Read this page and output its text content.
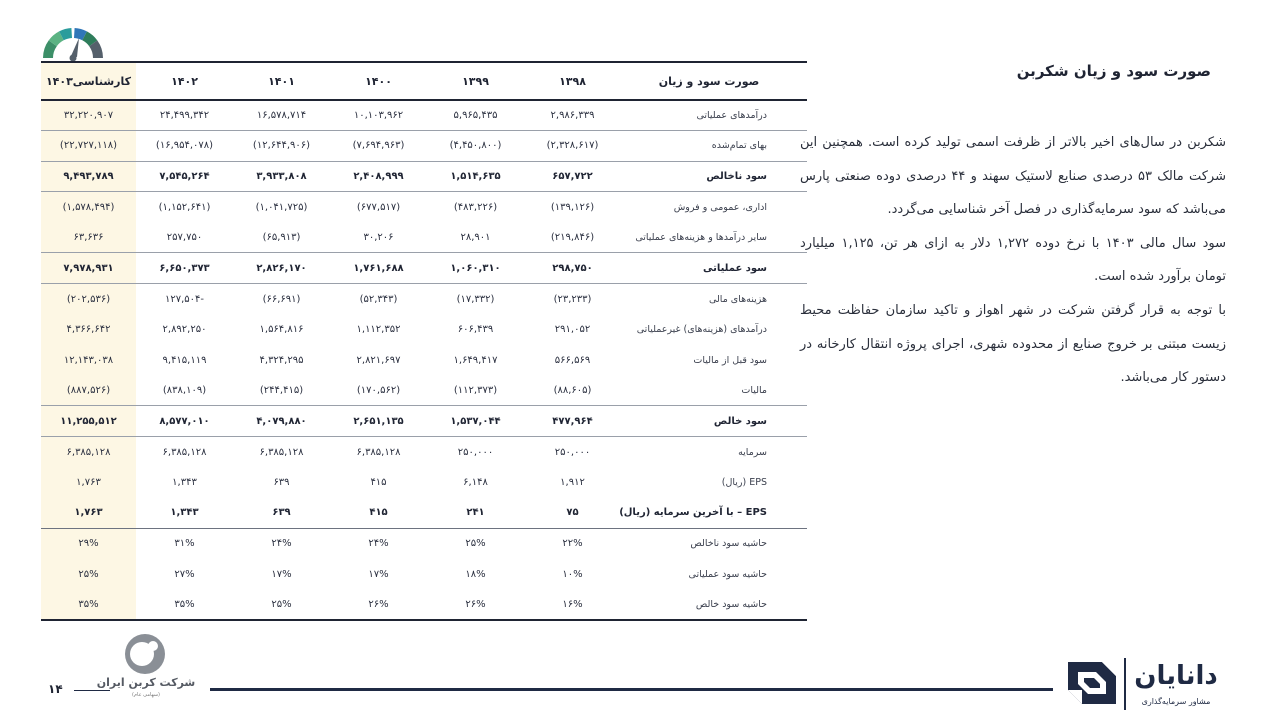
صورت سود و زیان	۱۳۹۸	۱۳۹۹	۱۴۰۰	۱۴۰۱	۱۴۰۲	کارشناسی۱۴۰۳
درآمدهای عملیاتی	۲,۹۸۶,۳۳۹	۵,۹۶۵,۴۳۵	۱۰,۱۰۳,۹۶۲	۱۶,۵۷۸,۷۱۴	۲۴,۴۹۹,۳۴۲	۳۲,۲۲۰,۹۰۷
بهای تمام‌شده	(۲,۳۲۸,۶۱۷)	(۴,۴۵۰,۸۰۰)	(۷,۶۹۴,۹۶۳)	(۱۲,۶۴۴,۹۰۶)	(۱۶,۹۵۴,۰۷۸)	(۲۲,۷۲۷,۱۱۸)
سود ناخالص	۶۵۷,۷۲۲	۱,۵۱۴,۶۳۵	۲,۴۰۸,۹۹۹	۳,۹۳۳,۸۰۸	۷,۵۴۵,۲۶۴	۹,۴۹۳,۷۸۹
اداری، عمومی و فروش	(۱۳۹,۱۲۶)	(۴۸۳,۲۲۶)	(۶۷۷,۵۱۷)	(۱,۰۴۱,۷۲۵)	(۱,۱۵۲,۶۴۱)	(۱,۵۷۸,۴۹۴)
سایر درآمدها و هزینه‌های عملیاتی	(۲۱۹,۸۴۶)	۲۸,۹۰۱	۳۰,۲۰۶	(۶۵,۹۱۳)	۲۵۷,۷۵۰	۶۳,۶۳۶
سود عملیاتی	۲۹۸,۷۵۰	۱,۰۶۰,۳۱۰	۱,۷۶۱,۶۸۸	۲,۸۲۶,۱۷۰	۶,۶۵۰,۳۷۳	۷,۹۷۸,۹۳۱
هزینه‌های مالی	(۲۳,۲۳۳)	(۱۷,۳۳۲)	(۵۲,۳۴۳)	(۶۶,۶۹۱)	-۱۲۷,۵۰۴	(۲۰۲,۵۳۶)
درآمدهای (هزینه‌های) غیرعملیاتی	۲۹۱,۰۵۲	۶۰۶,۴۳۹	۱,۱۱۲,۳۵۲	۱,۵۶۴,۸۱۶	۲,۸۹۲,۲۵۰	۴,۳۶۶,۶۴۲
سود قبل از مالیات	۵۶۶,۵۶۹	۱,۶۴۹,۴۱۷	۲,۸۲۱,۶۹۷	۴,۳۲۴,۲۹۵	۹,۴۱۵,۱۱۹	۱۲,۱۴۳,۰۳۸
مالیات	(۸۸,۶۰۵)	(۱۱۲,۳۷۳)	(۱۷۰,۵۶۲)	(۲۴۴,۴۱۵)	(۸۳۸,۱۰۹)	(۸۸۷,۵۲۶)
سود خالص	۴۷۷,۹۶۴	۱,۵۳۷,۰۴۴	۲,۶۵۱,۱۳۵	۴,۰۷۹,۸۸۰	۸,۵۷۷,۰۱۰	۱۱,۲۵۵,۵۱۲
سرمایه	۲۵۰,۰۰۰	۲۵۰,۰۰۰	۶,۳۸۵,۱۲۸	۶,۳۸۵,۱۲۸	۶,۳۸۵,۱۲۸	۶,۳۸۵,۱۲۸
EPS (ریال)	۱,۹۱۲	۶,۱۴۸	۴۱۵	۶۳۹	۱,۳۴۳	۱,۷۶۳
EPS – با آخرین سرمایه (ریال)	۷۵	۲۴۱	۴۱۵	۶۳۹	۱,۳۴۳	۱,۷۶۳
حاشیه سود ناخالص	۲۲%	۲۵%	۲۴%	۲۴%	۳۱%	۲۹%
حاشیه سود عملیاتی	۱۰%	۱۸%	۱۷%	۱۷%	۲۷%	۲۵%
حاشیه سود خالص	۱۶%	۲۶%	۲۶%	۲۵%	۳۵%	۳۵%
صورت سود و زیان شکربن

شکربن در سال‌های اخیر بالاتر از ظرفت اسمی تولید کرده است. همچنین این شرکت مالک ۵۳ درصدی صنایع لاستیک سهند و ۴۴ درصدی دوده صنعتی پارس می‌باشد که سود سرمایه‌گذاری در فصل آخر شناسایی می‌گردد.

سود سال مالی ۱۴۰۳ با نرخ دوده ۱,۲۷۲ دلار به ازای هر تن، ۱,۱۲۵ میلیارد تومان برآورد شده است.

با توجه به قرار گرفتن شرکت در شهر اهواز و تاکید سازمان حفاظت محیط زیست مبتنی بر خروج صنایع از محدوده شهری، اجرای پروژه انتقال کارخانه در دستور کار می‌باشد.

۱۴	شرکت کربن ایران
(سهامی عام)
دانایان
مشاور سرمایه‌گذاری
